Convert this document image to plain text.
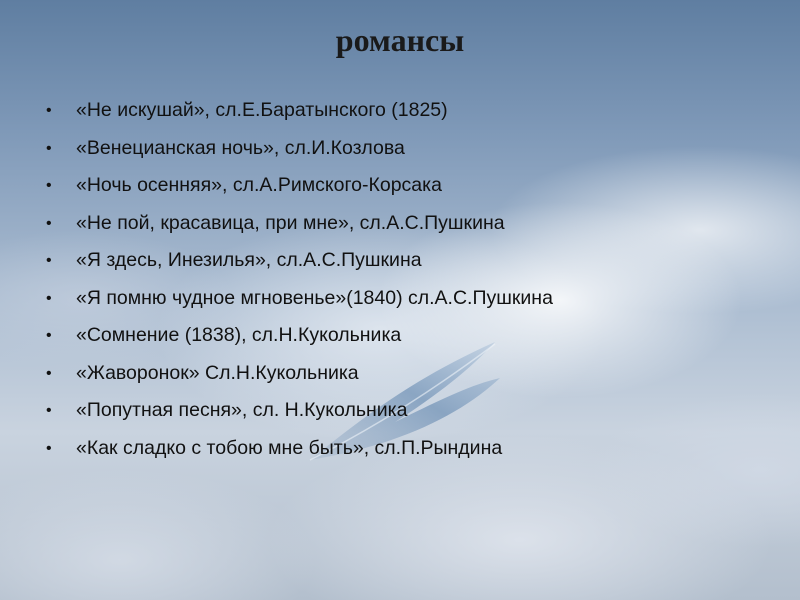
романсы
• «Не искушай», сл.Е.Баратынского (1825)
• «Венецианская ночь», сл.И.Козлова
• «Ночь осенняя», сл.А.Римского-Корсака
• «Не пой, красавица, при мне», сл.А.С.Пушкина
• «Я здесь, Инезилья», сл.А.С.Пушкина
• «Я помню чудное мгновенье»(1840) сл.А.С.Пушкина
• «Сомнение (1838), сл.Н.Кукольника
• «Жаворонок» Сл.Н.Кукольника
• «Попутная песня», сл. Н.Кукольника
• «Как сладко с тобою мне быть», сл.П.Рындина
